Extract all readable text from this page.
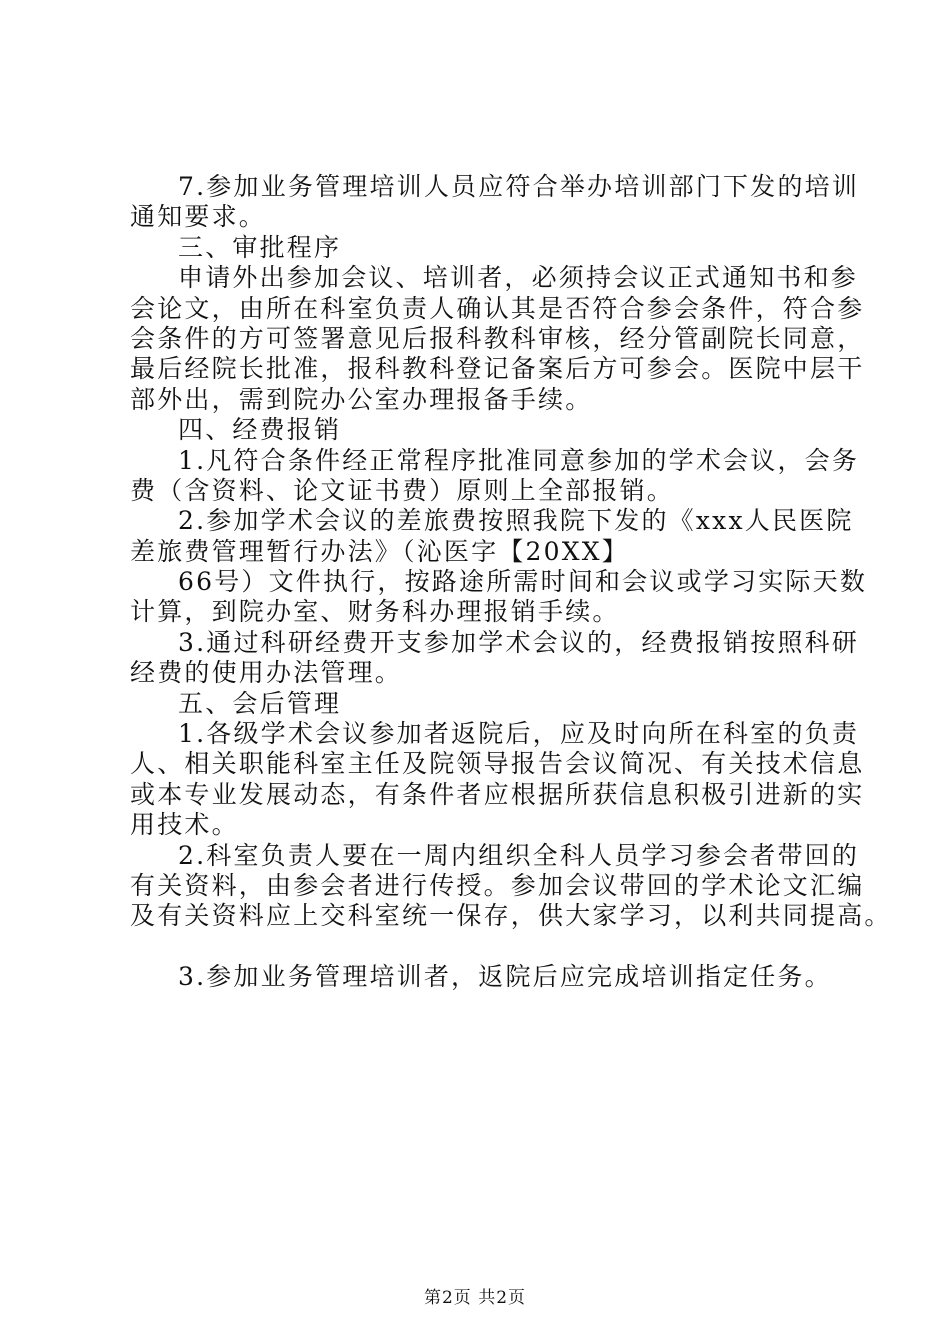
7.参加业务管理培训人员应符合举办培训部门下发的培训
通知要求。
三、审批程序
申请外出参加会议、培训者，必须持会议正式通知书和参
会论文，由所在科室负责人确认其是否符合参会条件，符合参
会条件的方可签署意见后报科教科审核，经分管副院长同意，
最后经院长批准，报科教科登记备案后方可参会。医院中层干
部外出，需到院办公室办理报备手续。
四、经费报销
1.凡符合条件经正常程序批准同意参加的学术会议，会务
费（含资料、论文证书费）原则上全部报销。
2.参加学术会议的差旅费按照我院下发的《xxx人民医院
差旅费管理暂行办法》（沁医字【20XX】
66号）文件执行，按路途所需时间和会议或学习实际天数
计算，到院办室、财务科办理报销手续。
3.通过科研经费开支参加学术会议的，经费报销按照科研
经费的使用办法管理。
五、会后管理
1.各级学术会议参加者返院后，应及时向所在科室的负责
人、相关职能科室主任及院领导报告会议简况、有关技术信息
或本专业发展动态，有条件者应根据所获信息积极引进新的实
用技术。
2.科室负责人要在一周内组织全科人员学习参会者带回的
有关资料，由参会者进行传授。参加会议带回的学术论文汇编
及有关资料应上交科室统一保存，供大家学习，以利共同提高。
3.参加业务管理培训者，返院后应完成培训指定任务。
第2页 共2页
